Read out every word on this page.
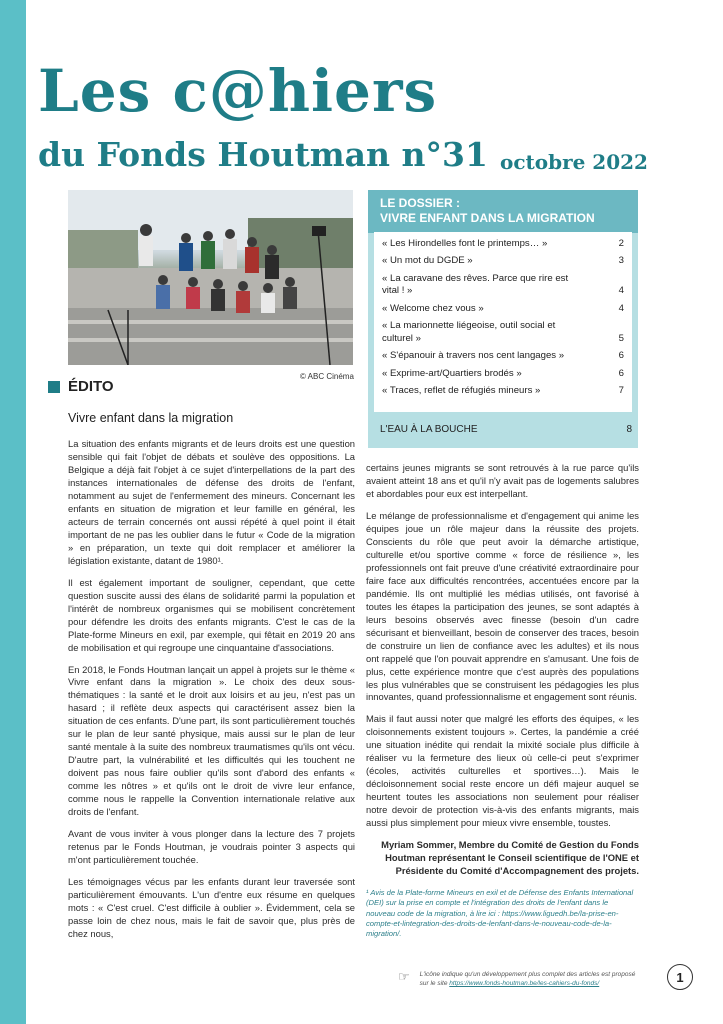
Les c@hiers
du Fonds Houtman n°31 octobre 2022
© ABC Cinéma
ÉDITO
Vivre enfant dans la migration

La situation des enfants migrants et de leurs droits est une question sensible qui fait l'objet de débats et soulève des oppositions. La Belgique a déjà fait l'objet à ce sujet d'interpellations de la part des instances internationales de défense des droits de l'enfant, notamment au sujet de l'enfermement des mineurs. Concernant les enfants en situation de migration et leur famille en général, les acteurs de terrain concernés ont aussi répété à quel point il était important de ne pas les oublier dans le futur « Code de la migration » en préparation, un texte qui doit remplacer et améliorer la législation existante, datant de 1980¹.

Il est également important de souligner, cependant, que cette question suscite aussi des élans de solidarité parmi la population et l'intérêt de nombreux organismes qui se mobilisent concrètement pour défendre les droits des enfants migrants. C'est le cas de la Plate-forme Mineurs en exil, par exemple, qui fêtait en 2019 20 ans de mobilisation et qui regroupe une cinquantaine d'associations.

En 2018, le Fonds Houtman lançait un appel à projets sur le thème « Vivre enfant dans la migration ». Le choix des deux sous-thématiques : la santé et le droit aux loisirs et au jeu, n'est pas un hasard ; il reflète deux aspects qui caractérisent assez bien la situation de ces enfants. D'une part, ils sont particulièrement touchés sur le plan de leur santé physique, mais aussi sur le plan de leur santé mentale à la suite des nombreux traumatismes qu'ils ont vécu. D'autre part, la vulnérabilité et les difficultés qui les touchent ne doivent pas nous faire oublier qu'ils sont d'abord des enfants « comme les nôtres » et qu'ils ont le droit de vivre leur enfance, comme nous le rappelle la Convention internationale relative aux droits de l'enfant.

Avant de vous inviter à vous plonger dans la lecture des 7 projets retenus par le Fonds Houtman, je voudrais pointer 3 aspects qui m'ont particulièrement touchée.

Les témoignages vécus par les enfants durant leur traversée sont particulièrement émouvants. L'un d'entre eux résume en quelques mots : « C'est cruel. C'est difficile à oublier ». Évidemment, cela se passe loin de chez nous, mais le fait de savoir que, plus près de chez nous,

LE DOSSIER :
VIVRE ENFANT DANS LA MIGRATION
« Les Hirondelles font le printemps… »	2
« Un mot du DGDE »	3
« La caravane des rêves. Parce que rire est vital ! »	4
« Welcome chez vous »	4
« La marionnette liégeoise, outil social et culturel »	5
« S'épanouir à travers nos cent langages »	6
« Exprime-art/Quartiers brodés »	6
« Traces, reflet de réfugiés mineurs »	7
L'EAU À LA BOUCHE	8

certains jeunes migrants se sont retrouvés à la rue parce qu'ils avaient atteint 18 ans et qu'il n'y avait pas de logements salubres et abordables pour eux est interpellant.

Le mélange de professionnalisme et d'engagement qui anime les équipes joue un rôle majeur dans la réussite des projets. Conscients du rôle que peut avoir la démarche artistique, culturelle et/ou sportive comme « force de résilience », les professionnels ont fait preuve d'une créativité extraordinaire pour faire face aux difficultés rencontrées, accentuées encore par la pandémie. Ils ont multiplié les médias utilisés, ont favorisé à toutes les étapes la participation des jeunes, se sont adaptés à leurs besoins observés avec finesse (besoin d'un cadre sécurisant et bienveillant, besoin de conserver des traces, besoin de construire un lien de confiance avec les adultes) et ils nous ont rappelé que l'on pouvait apprendre en s'amusant. Une fois de plus, cette expérience montre que c'est auprès des populations les plus vulnérables que se construisent les pédagogies les plus innovantes, quand professionnalisme et engagement sont réunis.

Mais il faut aussi noter que malgré les efforts des équipes, « les cloisonnements existent toujours ». Certes, la pandémie a créé une situation inédite qui rendait la mixité sociale plus difficile à réaliser vu la fermeture des lieux où celle-ci peut s'exprimer (écoles, activités culturelles et sportives…). Mais le décloisonnement social reste encore un défi majeur auquel se heurtent toutes les associations non seulement pour réaliser notre devoir de protection vis-à-vis des enfants migrants, mais aussi plus simplement pour mieux vivre ensemble, toustes.

Myriam Sommer, Membre du Comité de Gestion du Fonds Houtman représentant le Conseil scientifique de l'ONE et Présidente du Comité d'Accompagnement des projets.
¹ Avis de la Plate-forme Mineurs en exil et de Défense des Enfants International (DEI) sur la prise en compte et l'intégration des droits de l'enfant dans le nouveau code de la migration, à lire ici : https://www.liguedh.be/la-prise-en-compte-et-lintegration-des-droits-de-lenfant-dans-le-nouveau-code-de-la-migration/.
☞ L'icône indique qu'un développement plus complet des articles est proposé
sur le site https://www.fonds-houtman.be/les-cahiers-du-fonds/	1
